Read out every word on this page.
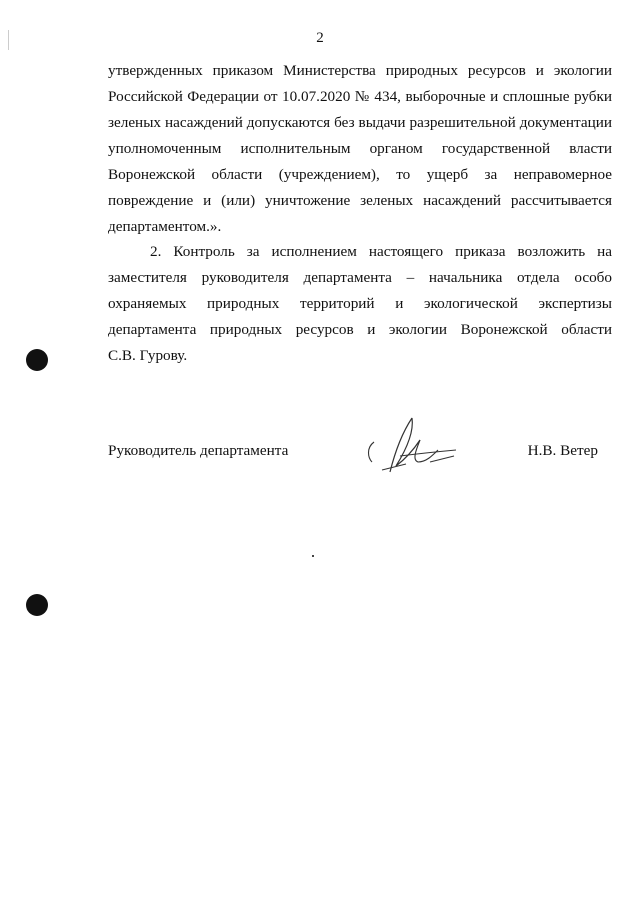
2
утвержденных приказом Министерства природных ресурсов и экологии
Российской Федерации от 10.07.2020 № 434, выборочные и сплошные рубки
зеленых насаждений допускаются без выдачи разрешительной документации
уполномоченным исполнительным органом государственной власти
Воронежской области (учреждением), то ущерб за неправомерное
повреждение и (или) уничтожение зеленых насаждений рассчитывается
департаментом.».
2. Контроль за исполнением настоящего приказа возложить на
заместителя руководителя департамента – начальника отдела особо
охраняемых природных территорий и экологической экспертизы
департамента природных ресурсов и экологии Воронежской области
С.В. Гурову.
Руководитель департамента	Н.В. Ветер
